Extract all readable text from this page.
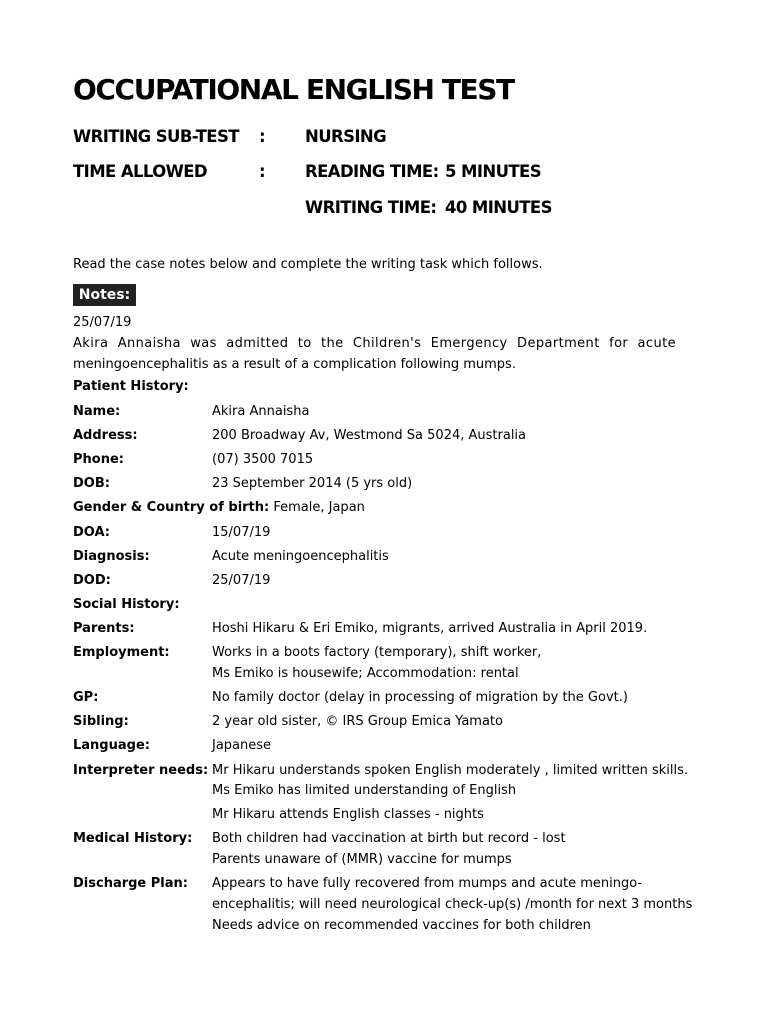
OCCUPATIONAL ENGLISH TEST
WRITING SUB-TEST : NURSING
TIME ALLOWED	: READING TIME: 5 MINUTES
WRITING TIME: 40 MINUTES
Read the case notes below and complete the writing task which follows.
Notes:
25/07/19
Akira Annaisha was admitted to the Children's Emergency Department for acute
meningoencephalitis as a result of a complication following mumps.
Patient History:
Name:	Akira Annaisha
Address:	200 Broadway Av, Westmond Sa 5024, Australia
Phone:	(07) 3500 7015
DOB:	23 September 2014 (5 yrs old)
Gender & Country of birth: Female, Japan
DOA:	15/07/19
Diagnosis:	Acute meningoencephalitis
DOD:	25/07/19
Social History:
Parents:	Hoshi Hikaru & Eri Emiko, migrants, arrived Australia in April 2019.
Employment:	Works in a boots factory (temporary), shift worker,
Ms Emiko is housewife; Accommodation: rental
GP:	No family doctor (delay in processing of migration by the Govt.)
Sibling:	2 year old sister, © IRS Group Emica Yamato
Language:	Japanese
Interpreter needs: Mr Hikaru understands spoken English moderately , limited written skills.
Ms Emiko has limited understanding of English
Mr Hikaru attends English classes - nights
Medical History: Both children had vaccination at birth but record - lost
Parents unaware of (MMR) vaccine for mumps
Discharge Plan: Appears to have fully recovered from mumps and acute meningo-
encephalitis; will need neurological check-up(s) /month for next 3 months
Needs advice on recommended vaccines for both children
